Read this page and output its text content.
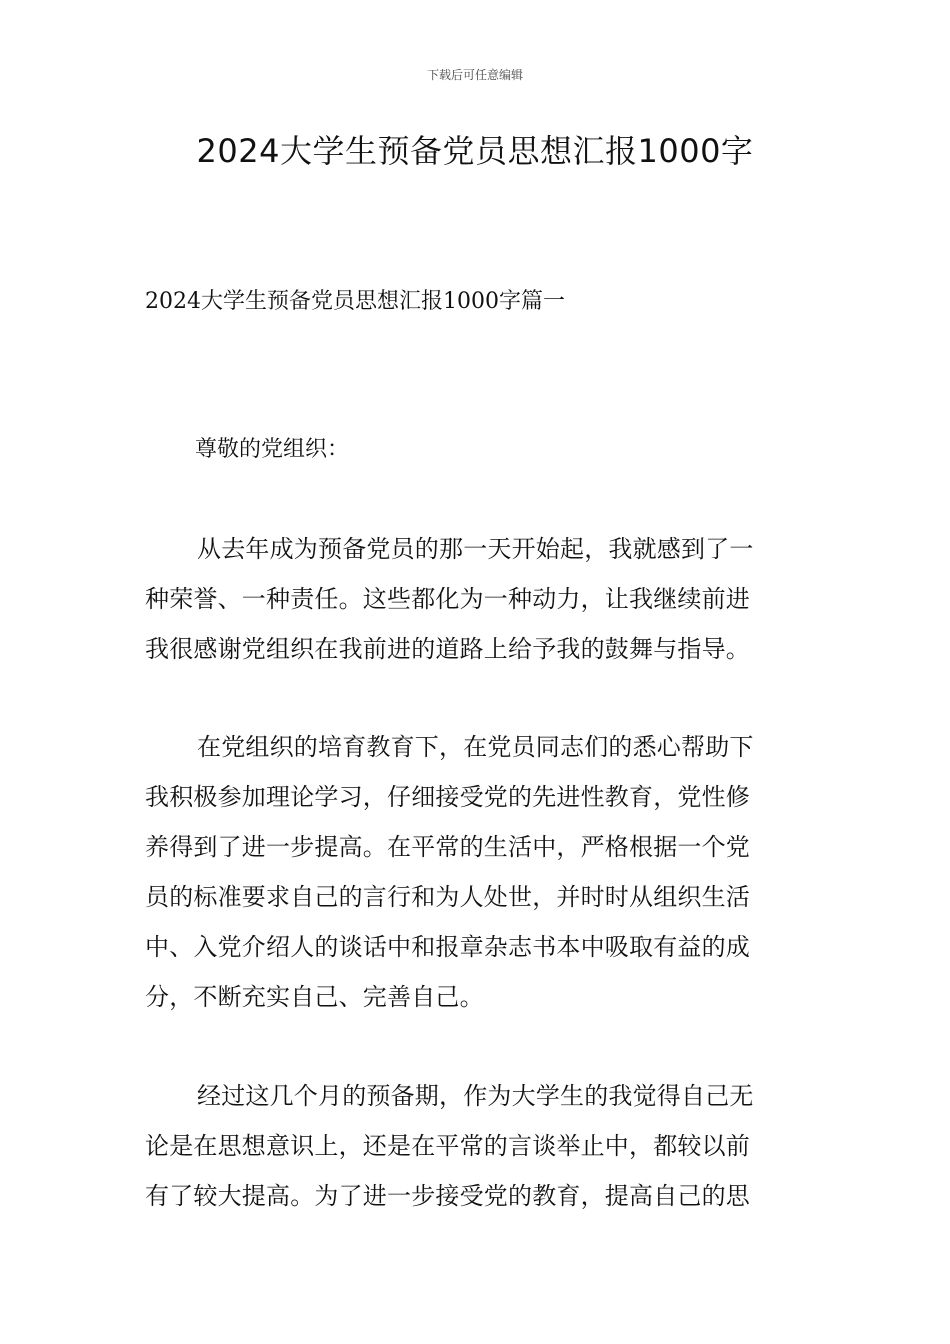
下载后可任意编辑
2024大学生预备党员思想汇报1000字
2024大学生预备党员思想汇报1000字篇一
尊敬的党组织：
从去年成为预备党员的那一天开始起，我就感到了一
种荣誉、一种责任。这些都化为一种动力，让我继续前进
我很感谢党组织在我前进的道路上给予我的鼓舞与指导。
在党组织的培育教育下，在党员同志们的悉心帮助下
我积极参加理论学习，仔细接受党的先进性教育，党性修
养得到了进一步提高。在平常的生活中，严格根据一个党
员的标准要求自己的言行和为人处世，并时时从组织生活
中、入党介绍人的谈话中和报章杂志书本中吸取有益的成
分，不断充实自己、完善自己。
经过这几个月的预备期，作为大学生的我觉得自己无
论是在思想意识上，还是在平常的言谈举止中，都较以前
有了较大提高。为了进一步接受党的教育，提高自己的思
